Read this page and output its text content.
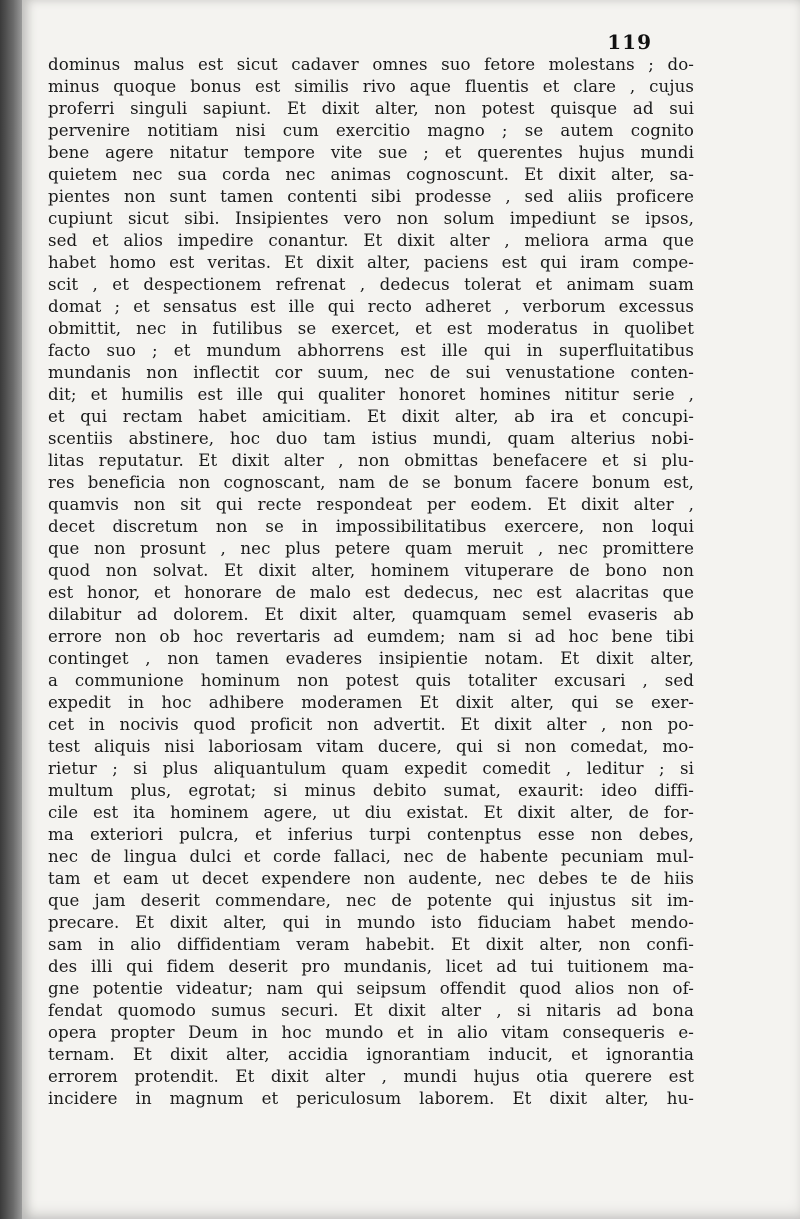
119
dominus malus est sicut cadaver omnes suo fetore molestans ; do-
minus quoque bonus est similis rivo aque fluentis et clare , cujus
proferri singuli sapiunt. Et dixit alter, non potest quisque ad sui
pervenire notitiam nisi cum exercitio magno ; se autem cognito
bene agere nitatur tempore vite sue ; et querentes hujus mundi
quietem nec sua corda nec animas cognoscunt. Et dixit alter, sa-
pientes non sunt tamen contenti sibi prodesse , sed aliis proficere
cupiunt sicut sibi. Insipientes vero non solum impediunt se ipsos,
sed et alios impedire conantur. Et dixit alter , meliora arma que
habet homo est veritas. Et dixit alter, paciens est qui iram compe-
scit , et despectionem refrenat , dedecus tolerat et animam suam
domat ; et sensatus est ille qui recto adheret , verborum excessus
obmittit, nec in futilibus se exercet, et est moderatus in quolibet
facto suo ; et mundum abhorrens est ille qui in superfluitatibus
mundanis non inflectit cor suum, nec de sui venustatione conten-
dit; et humilis est ille qui qualiter honoret homines nititur serie ,
et qui rectam habet amicitiam. Et dixit alter, ab ira et concupi-
scentiis abstinere, hoc duo tam istius mundi, quam alterius nobi-
litas reputatur. Et dixit alter , non obmittas benefacere et si plu-
res beneficia non cognoscant, nam de se bonum facere bonum est,
quamvis non sit qui recte respondeat per eodem. Et dixit alter ,
decet discretum non se in impossibilitatibus exercere, non loqui
que non prosunt , nec plus petere quam meruit , nec promittere
quod non solvat. Et dixit alter, hominem vituperare de bono non
est honor, et honorare de malo est dedecus, nec est alacritas que
dilabitur ad dolorem. Et dixit alter, quamquam semel evaseris ab
errore non ob hoc revertaris ad eumdem; nam si ad hoc bene tibi
continget , non tamen evaderes insipientie notam. Et dixit alter,
a communione hominum non potest quis totaliter excusari , sed
expedit in hoc adhibere moderamen Et dixit alter, qui se exer-
cet in nocivis quod proficit non advertit. Et dixit alter , non po-
test aliquis nisi laboriosam vitam ducere, qui si non comedat, mo-
rietur ; si plus aliquantulum quam expedit comedit , leditur ; si
multum plus, egrotat; si minus debito sumat, exaurit: ideo diffi-
cile est ita hominem agere, ut diu existat. Et dixit alter, de for-
ma exteriori pulcra, et inferius turpi contenptus esse non debes,
nec de lingua dulci et corde fallaci, nec de habente pecuniam mul-
tam et eam ut decet expendere non audente, nec debes te de hiis
que jam deserit commendare, nec de potente qui injustus sit im-
precare. Et dixit alter, qui in mundo isto fiduciam habet mendo-
sam in alio diffidentiam veram habebit. Et dixit alter, non confi-
des illi qui fidem deserit pro mundanis, licet ad tui tuitionem ma-
gne potentie videatur; nam qui seipsum offendit quod alios non of-
fendat quomodo sumus securi. Et dixit alter , si nitaris ad bona
opera propter Deum in hoc mundo et in alio vitam consequeris e-
ternam. Et dixit alter, accidia ignorantiam inducit, et ignorantia
errorem protendit. Et dixit alter , mundi hujus otia querere est
incidere in magnum et periculosum laborem. Et dixit alter, hu-
